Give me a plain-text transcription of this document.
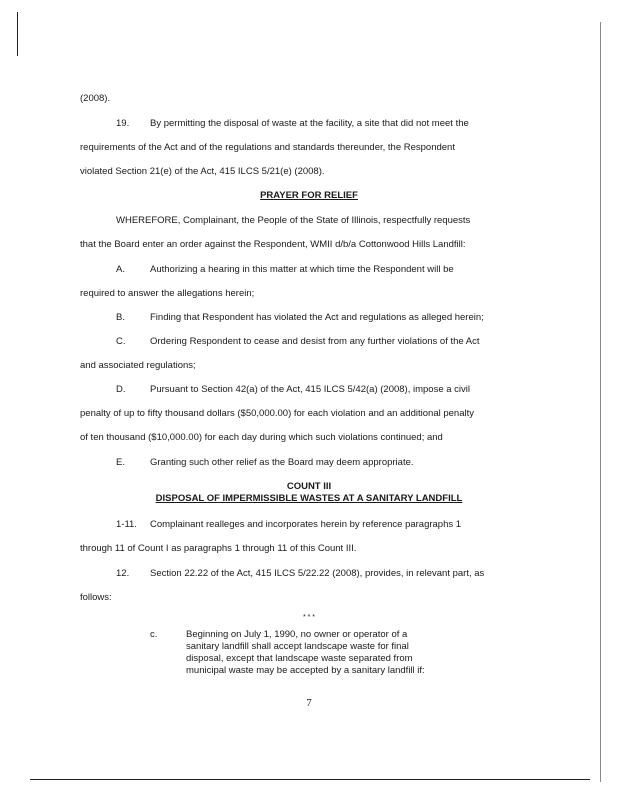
(2008).
19. By permitting the disposal of waste at the facility, a site that did not meet the
requirements of the Act and of the regulations and standards thereunder, the Respondent
violated Section 21(e) of the Act, 415 ILCS 5/21(e) (2008).
PRAYER FOR RELIEF
WHEREFORE, Complainant, the People of the State of Illinois, respectfully requests
that the Board enter an order against the Respondent, WMII d/b/a Cottonwood Hills Landfill:
A.	Authorizing a hearing in this matter at which time the Respondent will be
required to answer the allegations herein;
B.	Finding that Respondent has violated the Act and regulations as alleged herein;
C.	Ordering Respondent to cease and desist from any further violations of the Act
and associated regulations;
D.	Pursuant to Section 42(a) of the Act, 415 ILCS 5/42(a) (2008), impose a civil
penalty of up to fifty thousand dollars ($50,000.00) for each violation and an additional penalty
of ten thousand ($10,000.00) for each day during which such violations continued; and
E.	Granting such other relief as the Board may deem appropriate.
COUNT III
DISPOSAL OF IMPERMISSIBLE WASTES AT A SANITARY LANDFILL
1-11. Complainant realleges and incorporates herein by reference paragraphs 1
through 11 of Count I as paragraphs 1 through 11 of this Count III.
12. Section 22.22 of the Act, 415 ILCS 5/22.22 (2008), provides, in relevant part, as
follows:
* * *
c.	Beginning on July 1, 1990, no owner or operator of a
sanitary landfill shall accept landscape waste for final
disposal, except that landscape waste separated from
municipal waste may be accepted by a sanitary landfill if:
7
